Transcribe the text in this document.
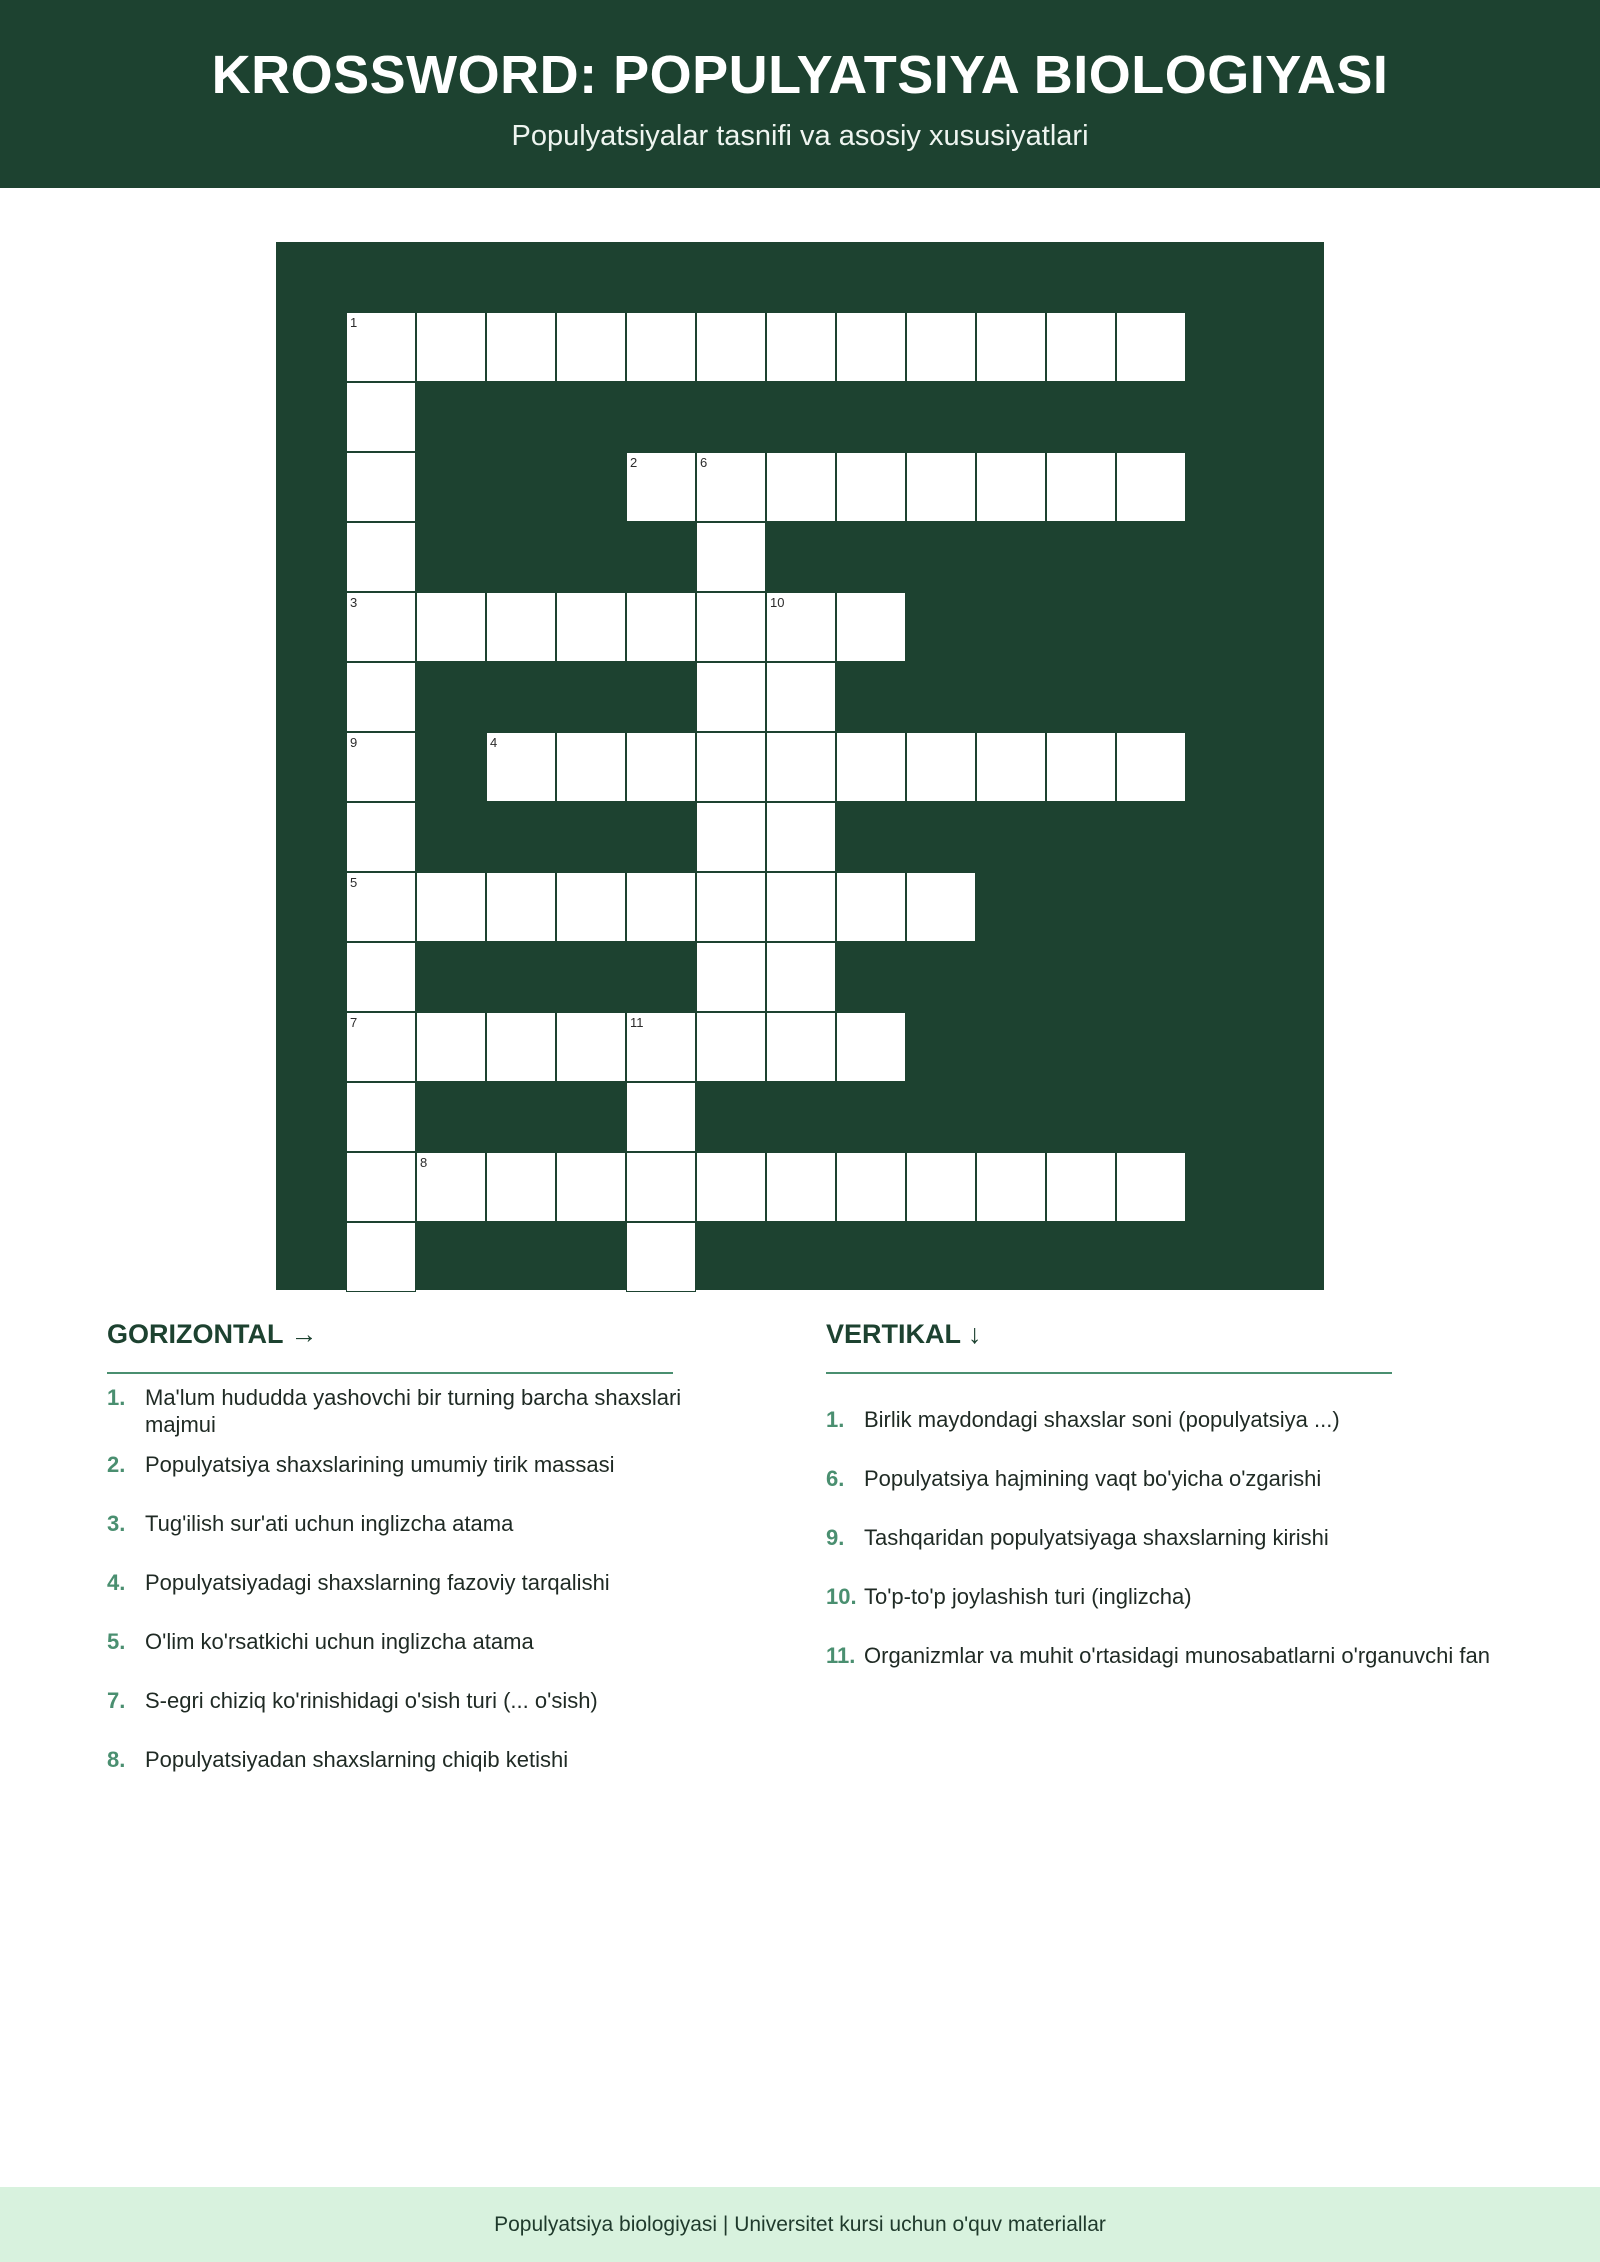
KROSSWORD: POPULYATSIYA BIOLOGIYASI
Populyatsiyalar tasnifi va asosiy xususiyatlari
1
2	6
3	10
9	4
5
7	11
8
GORIZONTAL →
1. Ma'lum hududda yashovchi bir turning barcha shaxslari majmui
2. Populyatsiya shaxslarining umumiy tirik massasi
3. Tug'ilish sur'ati uchun inglizcha atama
4. Populyatsiyadagi shaxslarning fazoviy tarqalishi
5. O'lim ko'rsatkichi uchun inglizcha atama
7. S-egri chiziq ko'rinishidagi o'sish turi (... o'sish)
8. Populyatsiyadan shaxslarning chiqib ketishi
VERTIKAL ↓
1. Birlik maydondagi shaxslar soni (populyatsiya ...)
6. Populyatsiya hajmining vaqt bo'yicha o'zgarishi
9. Tashqaridan populyatsiyaga shaxslarning kirishi
10. To'p-to'p joylashish turi (inglizcha)
11. Organizmlar va muhit o'rtasidagi munosabatlarni o'rganuvchi fan
Populyatsiya biologiyasi | Universitet kursi uchun o'quv materiallar
